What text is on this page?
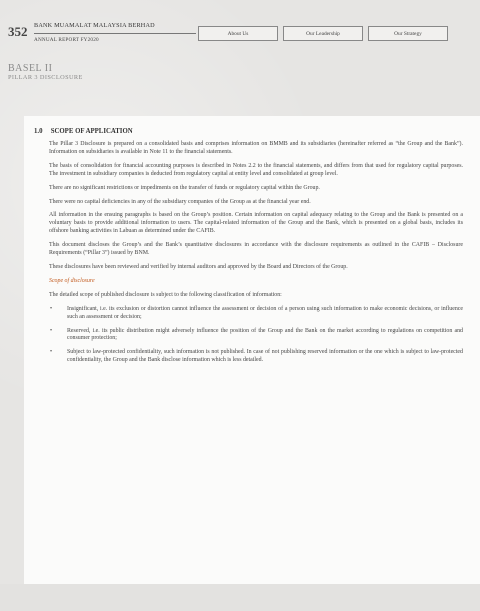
352 BANK MUAMALAT MALAYSIA BERHAD
ANNUAL REPORT FY2020
About Us	Our Leadership	Our Strategy
BASEL II
PILLAR 3 DISCLOSURE
1.0 SCOPE OF APPLICATION

The Pillar 3 Disclosure is prepared on a consolidated basis and comprises information on BMMB and its subsidiaries (hereinafter referred as “the Group and the Bank”). Information on subsidiaries is available in Note 11 to the financial statements.

The basis of consolidation for financial accounting purposes is described in Notes 2.2 to the financial statements, and differs from that used for regulatory capital purposes. The investment in subsidiary companies is deducted from regulatory capital at entity level and consolidated at group level.

There are no significant restrictions or impediments on the transfer of funds or regulatory capital within the Group.

There were no capital deficiencies in any of the subsidiary companies of the Group as at the financial year end.

All information in the ensuing paragraphs is based on the Group’s position. Certain information on capital adequacy relating to the Group and the Bank is presented on a voluntary basis to provide additional information to users. The capital-related information of the Group and the Bank, which is presented on a global basis, includes its offshore banking activities in Labuan as determined under the CAFIB.

This document discloses the Group’s and the Bank’s quantitative disclosures in accordance with the disclosure requirements as outlined in the CAFIB – Disclosure Requirements (“Pillar 3”) issued by BNM.

These disclosures have been reviewed and verified by internal auditors and approved by the Board and Directors of the Group.

Scope of disclosure

The detailed scope of published disclosure is subject to the following classification of information:

•	Insignificant, i.e. its exclusion or distortion cannot influence the assessment or decision of a person using such information to make economic decisions, or influence such an assessment or decision;
•	Reserved, i.e. its public distribution might adversely influence the position of the Group and the Bank on the market according to regulations on competition and consumer protection;
•	Subject to law-protected confidentiality, such information is not published. In case of not publishing reserved information or the one which is subject to law-protected confidentiality, the Group and the Bank disclose information which is less detailed.
